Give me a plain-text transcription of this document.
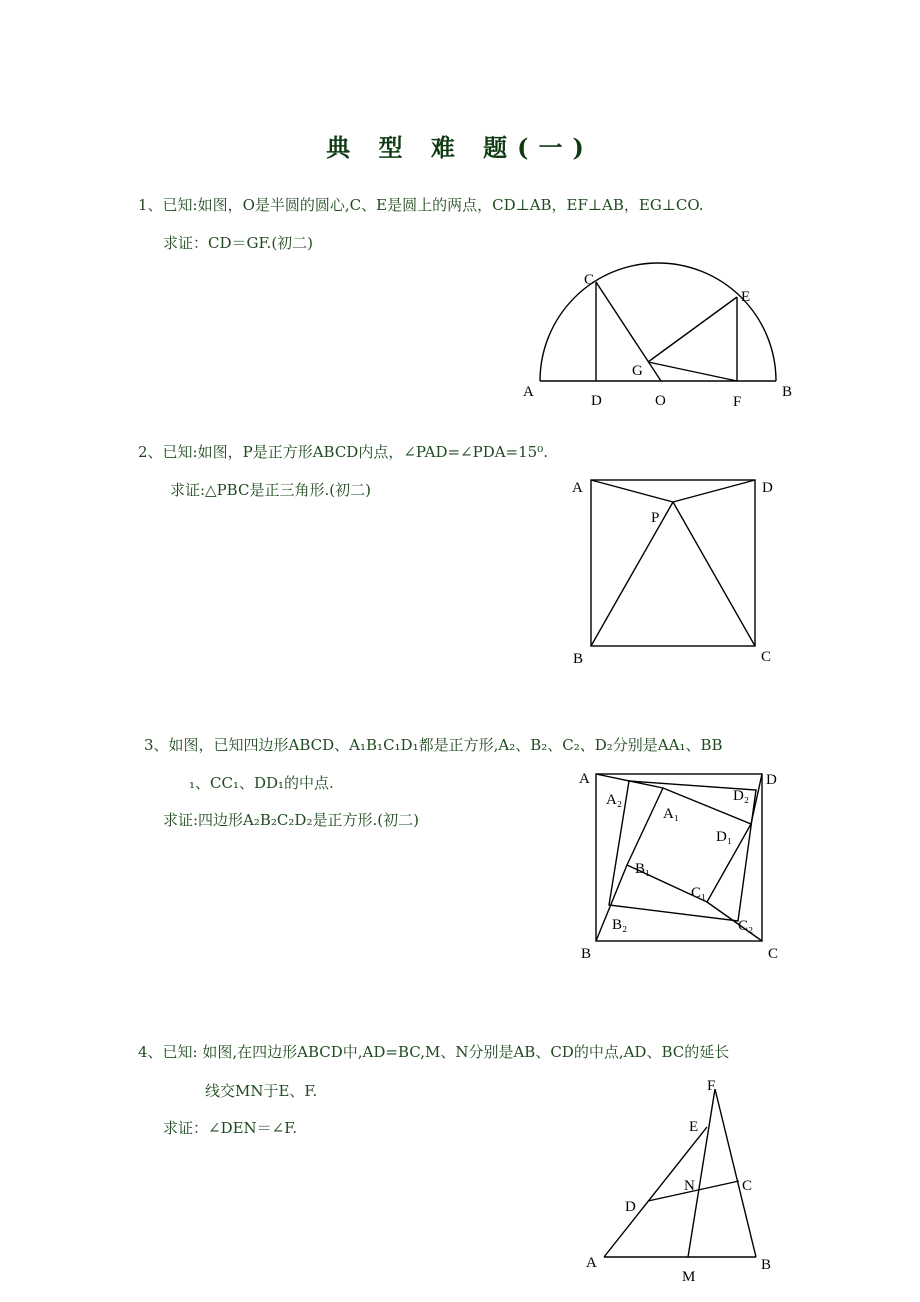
典 型 难 题(一)
1、已知:如图，O是半圆的圆心,C、E是圆上的两点，CD⊥AB，EF⊥AB，EG⊥CO.
求证：CD＝GF.(初二)
C
E
G
A
D	O	F
B
2、已知:如图，P是正方形ABCD内点，∠PAD=∠PDA=15⁰.
求证:△PBC是正三角形.(初二)	A	D
P
B	C
3、如图，已知四边形ABCD、A₁B₁C₁D₁都是正方形,A₂、B₂、C₂、D₂分别是AA₁、BB
₁、CC₁、DD₁的中点.
求证:四边形A₂B₂C₂D₂是正方形.(初二)
A	D
A₂	D₂
A₁
D₁
B₁
C₁
B₂	C₂
B	C
4、已知: 如图,在四边形ABCD中,AD=BC,M、N分别是AB、CD的中点,AD、BC的延长
线交MN于E、F.
求证：∠DEN＝∠F.
F
E
N	C
D
A	B
M
